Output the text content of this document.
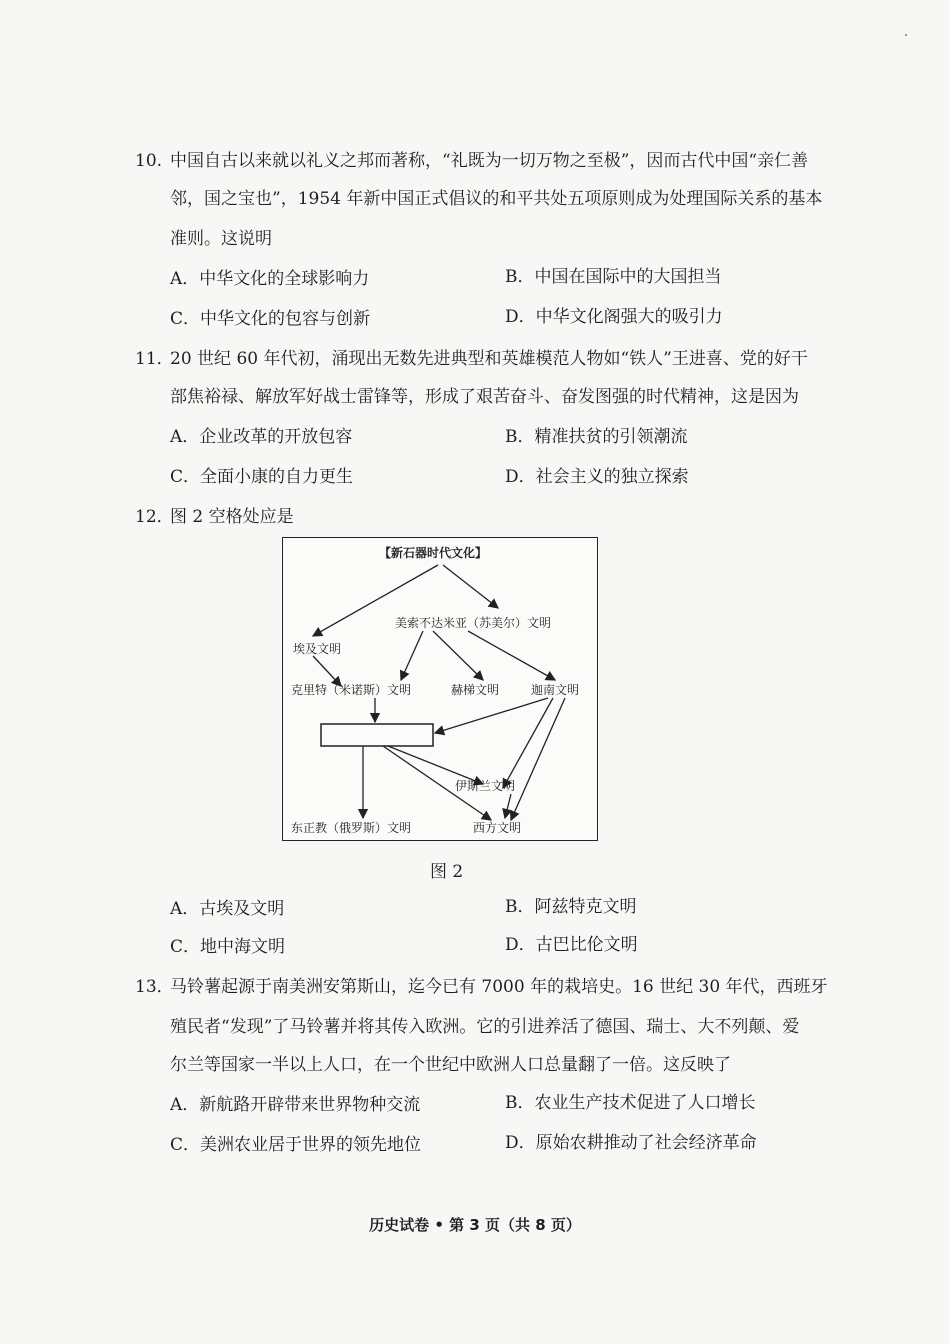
10. 中国自古以来就以礼义之邦而著称，“礼既为一切万物之至极”，因而古代中国“亲仁善
邻，国之宝也”，1954 年新中国正式倡议的和平共处五项原则成为处理国际关系的基本
准则。这说明
A．中华文化的全球影响力	B．中国在国际中的大国担当
C．中华文化的包容与创新	D．中华文化阁强大的吸引力
11．
20 世纪 60 年代初，涌现出无数先进典型和英雄模范人物如“铁人”王进喜、党的好干
部焦裕禄、解放军好战士雷锋等，形成了艰苦奋斗、奋发图强的时代精神，这是因为
A．企业改革的开放包容	B．精准扶贫的引领潮流
C．全面小康的自力更生	D．社会主义的独立探索
12．
图 2 空格处应是
【新石器时代文化】
美索不达米亚（苏美尔）文明
埃及文明
克里特（米诺斯）文明	赫梯文明	迦南文明
伊斯兰文明
东正教（俄罗斯）文明	西方文明
图 2
A．古埃及文明	B．阿兹特克文明
C．地中海文明	D．古巴比伦文明
13．
马铃薯起源于南美洲安第斯山，迄今已有 7000 年的栽培史。16 世纪 30 年代，西班牙
殖民者“发现”了马铃薯并将其传入欧洲。它的引进养活了德国、瑞士、大不列颠、爱
尔兰等国家一半以上人口，在一个世纪中欧洲人口总量翻了一倍。这反映了
A．新航路开辟带来世界物种交流	B．农业生产技术促进了人口增长
C．美洲农业居于世界的领先地位	D．原始农耕推动了社会经济革命
历史试卷 • 第 3 页（共 8 页）
